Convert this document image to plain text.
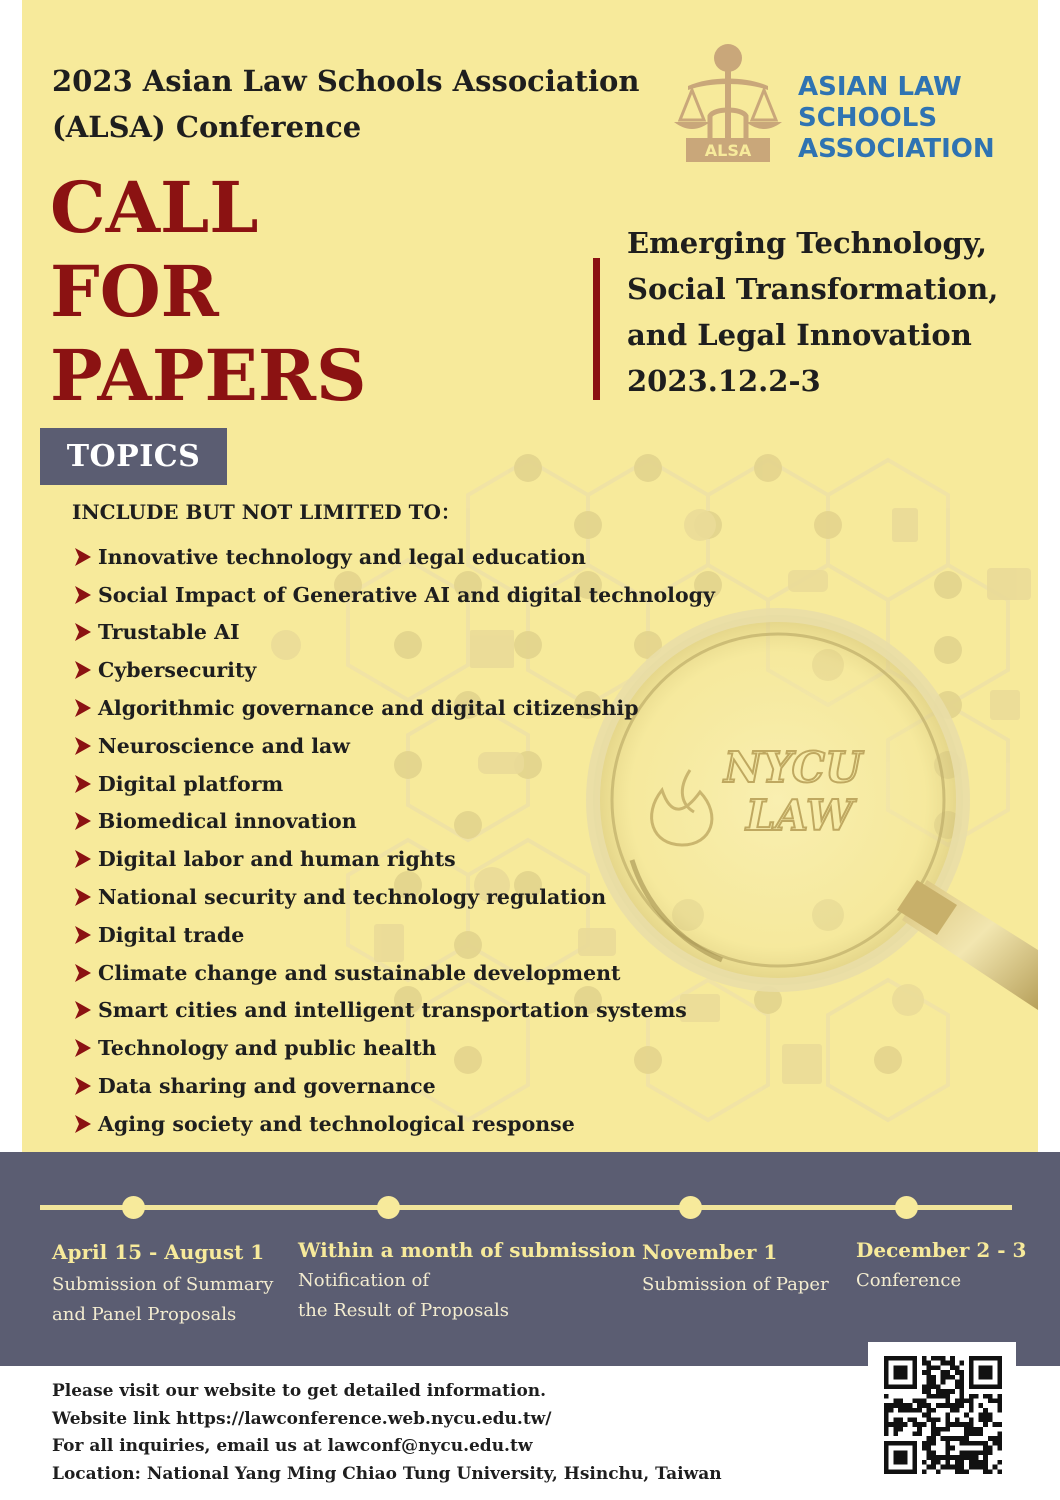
NYCU
LAW
2023 Asian Law Schools Association
(ALSA) Conference
ALSA
ASIAN LAW
SCHOOLS
ASSOCIATION
CALL
FOR
PAPERS
Emerging Technology,
Social Transformation,
and Legal Innovation
2023.12.2-3
TOPICS
INCLUDE BUT NOT LIMITED TO：
Innovative technology and legal education
Social Impact of Generative AI and digital technology
Trustable AI
Cybersecurity
Algorithmic governance and digital citizenship
Neuroscience and law
Digital platform
Biomedical innovation
Digital labor and human rights
National security and technology regulation
Digital trade
Climate change and sustainable development
Smart cities and intelligent transportation systems
Technology and public health
Data sharing and governance
Aging society and technological response
April 15 - August 1
Submission of Summary
and Panel Proposals
Within a month of submission
Notification of
the Result of Proposals
November 1
Submission of Paper
December 2 - 3
Conference
Please visit our website to get detailed information.
Website link https://lawconference.web.nycu.edu.tw/
For all inquiries, email us at lawconf@nycu.edu.tw
Location: National Yang Ming Chiao Tung University, Hsinchu, Taiwan
